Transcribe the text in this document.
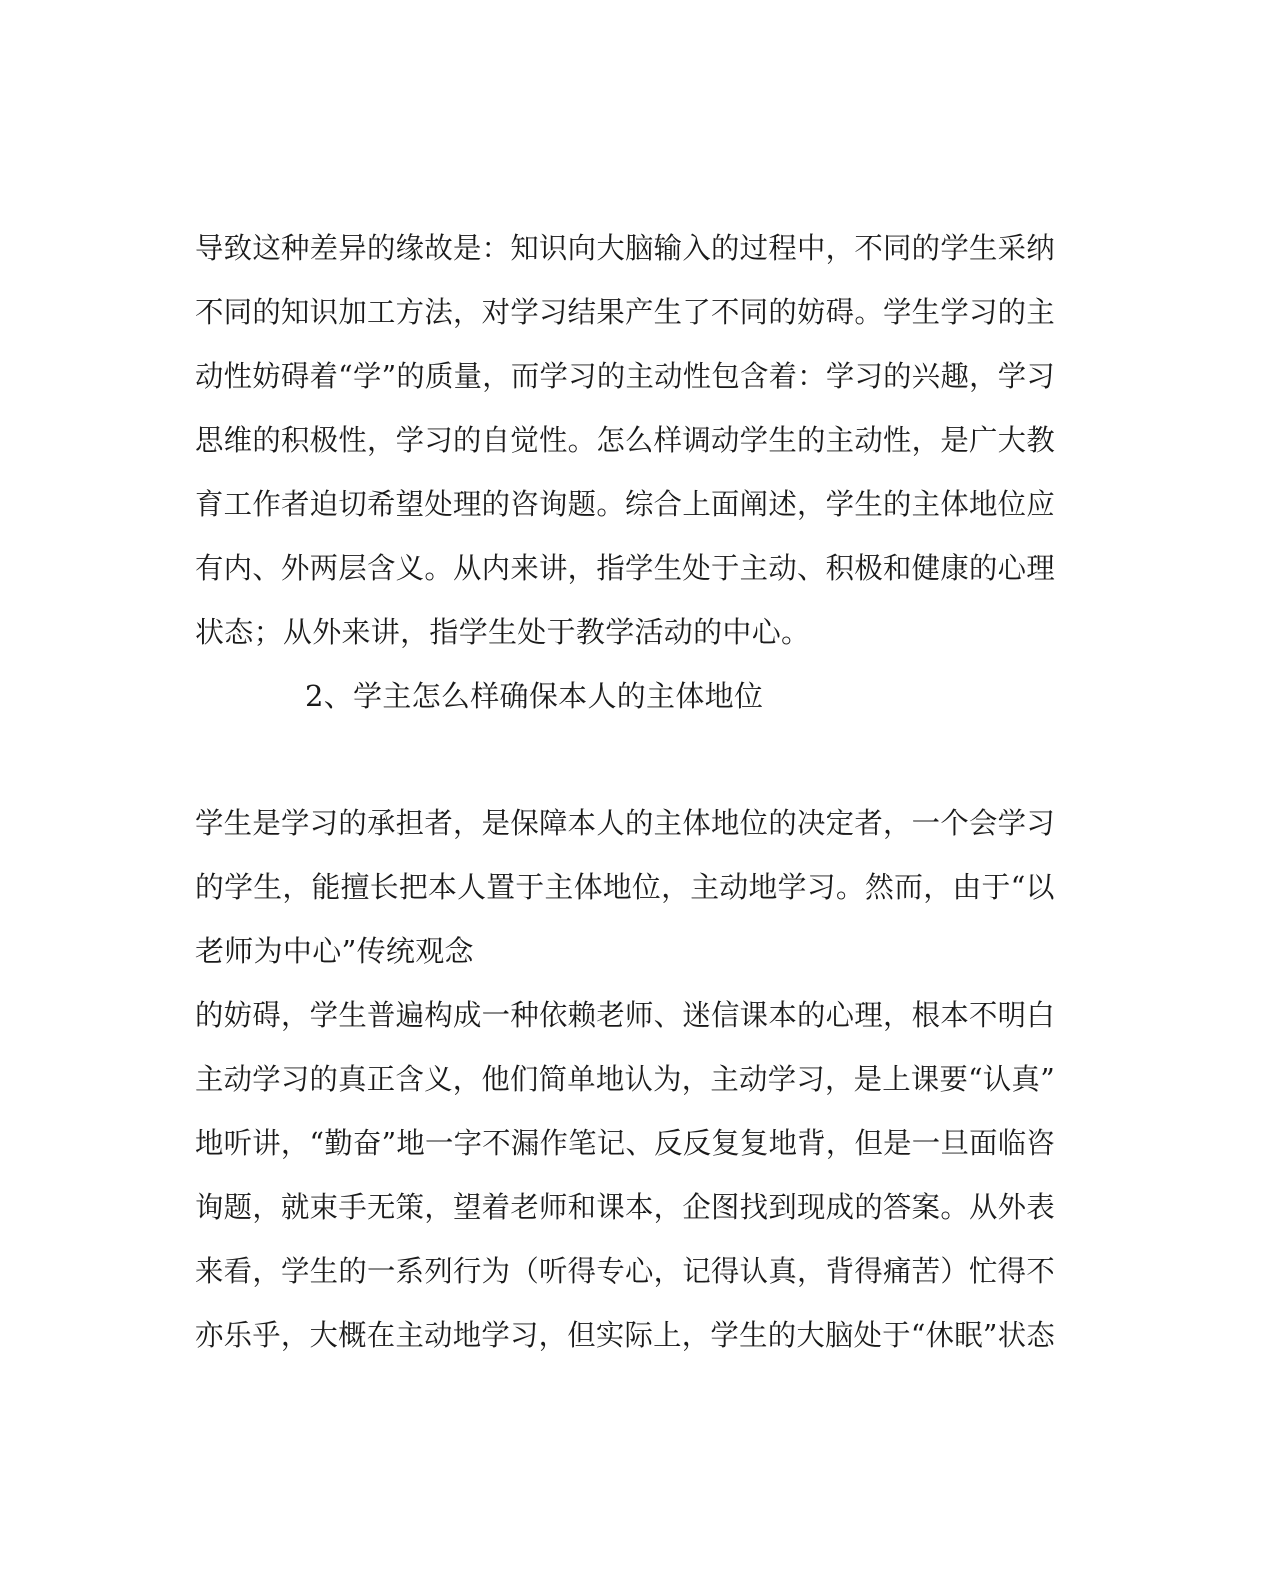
导致这种差异的缘故是：知识向大脑输入的过程中，不同的学生采纳
不同的知识加工方法，对学习结果产生了不同的妨碍。学生学习的主
动性妨碍着“学”的质量，而学习的主动性包含着：学习的兴趣，学习
思维的积极性，学习的自觉性。怎么样调动学生的主动性，是广大教
育工作者迫切希望处理的咨询题。综合上面阐述，学生的主体地位应
有内、外两层含义。从内来讲，指学生处于主动、积极和健康的心理
状态；从外来讲，指学生处于教学活动的中心。
2、学主怎么样确保本人的主体地位
学生是学习的承担者，是保障本人的主体地位的决定者，一个会学习
的学生，能擅长把本人置于主体地位，主动地学习。然而，由于“以
老师为中心”传统观念
的妨碍，学生普遍构成一种依赖老师、迷信课本的心理，根本不明白
主动学习的真正含义，他们简单地认为，主动学习，是上课要“认真”
地听讲，“勤奋”地一字不漏作笔记、反反复复地背，但是一旦面临咨
询题，就束手无策，望着老师和课本，企图找到现成的答案。从外表
来看，学生的一系列行为（听得专心，记得认真，背得痛苦）忙得不
亦乐乎，大概在主动地学习，但实际上，学生的大脑处于“休眠”状态
